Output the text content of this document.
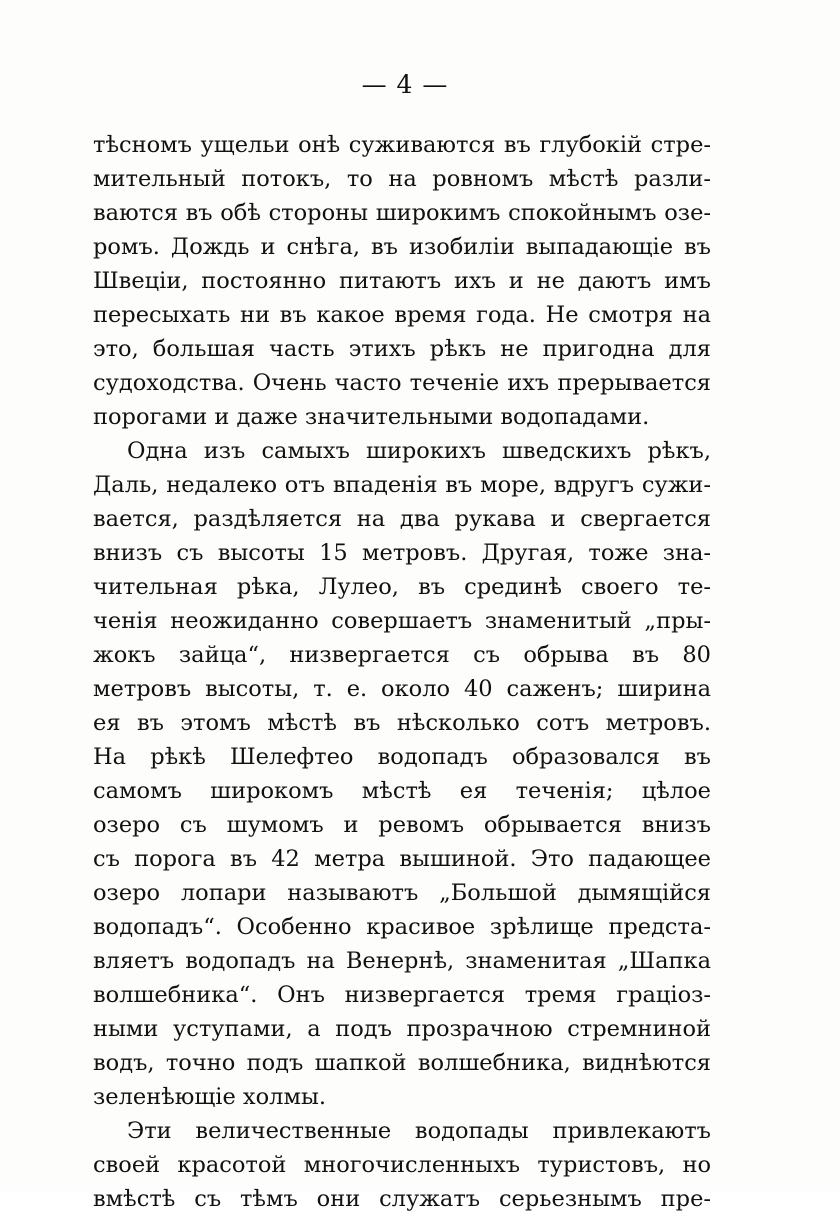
— 4 —
тѣсномъ ущельи онѣ суживаются въ глубокій стре-
мительный потокъ, то на ровномъ мѣстѣ разли-
ваются въ обѣ стороны широкимъ спокойнымъ озе-
ромъ. Дождь и снѣга, въ изобиліи выпадающіе въ
Швеціи, постоянно питаютъ ихъ и не даютъ имъ
пересыхать ни въ какое время года. Не смотря на
это, большая часть этихъ рѣкъ не пригодна для
судоходства. Очень часто теченіе ихъ прерывается
порогами и даже значительными водопадами.
Одна изъ самыхъ широкихъ шведскихъ рѣкъ,
Даль, недалеко отъ впаденія въ море, вдругъ сужи-
вается, раздѣляется на два рукава и свергается
внизъ съ высоты 15 метровъ. Другая, тоже зна-
чительная рѣка, Лулео, въ срединѣ своего те-
ченія неожиданно совершаетъ знаменитый „пры-
жокъ зайца“, низвергается съ обрыва въ 80
метровъ высоты, т. е. около 40 саженъ; ширина
ея въ этомъ мѣстѣ въ нѣсколько сотъ метровъ.
На рѣкѣ Шелефтео водопадъ образовался въ
самомъ широкомъ мѣстѣ ея теченія; цѣлое
озеро съ шумомъ и ревомъ обрывается внизъ
съ порога въ 42 метра вышиной. Это падающее
озеро лопари называютъ „Большой дымящійся
водопадъ“. Особенно красивое зрѣлище предста-
вляетъ водопадъ на Венернѣ, знаменитая „Шапка
волшебника“. Онъ низвергается тремя граціоз-
ными уступами, а подъ прозрачною стремниной
водъ, точно подъ шапкой волшебника, виднѣются
зеленѣющіе холмы.
Эти величественные водопады привлекаютъ
своей красотой многочисленныхъ туристовъ, но
вмѣстѣ съ тѣмъ они служатъ серьезнымъ пре-
